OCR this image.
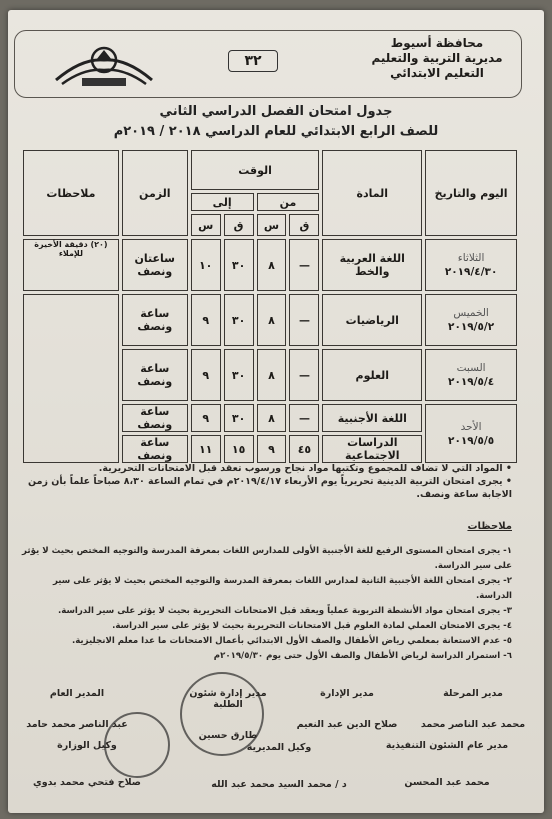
٣٢
محافظة أسيوط
مديرية التربية والتعليم
التعليم الابتدائي
جدول امتحان الفصل الدراسي الثاني
للصف الرابع الابتدائي للعام الدراسي ٢٠١٨ / ٢٠١٩م
اليوم والتاريخ	المادة	الوقت				الزمن	ملاحظات
		من		إلى			
		ق	س	ق	س		

الثلاثاء
٢٠١٩/٤/٣٠	اللغة العربية والخط	—	٨	٣٠	١٠	ساعتان ونصف	(٢٠) دقيقة الأخيرة للإملاء

الخميس
٢٠١٩/٥/٢	الرياضيات	—	٨	٣٠	٩	ساعة ونصف	

السبت
٢٠١٩/٥/٤	العلوم	—	٨	٣٠	٩	ساعة ونصف	

الأحد
٢٠١٩/٥/٥	اللغة الأجنبية	—	٨	٣٠	٩	ساعة ونصف	
	الدراسات الاجتماعية	٤٥	٩	١٥	١١	ساعة ونصف	
• المواد التي لا تضاف للمجموع وتكتبها مواد نجاح ورسوب تعقد قبل الامتحانات التحريرية.
• يجرى امتحان التربية الدينية تحريرياً يوم الأربعاء ٢٠١٩/٤/١٧م في تمام الساعة ٨،٣٠ صباحاً علماً بأن زمن الاجابة ساعة ونصف.
ملاحظات
١- يجرى امتحان المستوى الرفيع للغة الأجنبية الأولى للمدارس اللغات بمعرفة المدرسة والتوجيه المختص بحيث لا يؤثر على سير الدراسة.
٢- يجرى امتحان اللغة الأجنبية الثانية لمدارس اللغات بمعرفة المدرسة والتوجيه المختص بحيث لا يؤثر على سير الدراسة.
٣- يجرى امتحان مواد الأنشطة التربوية عملياً ويعقد قبل الامتحانات التحريرية بحيث لا يؤثر على سير الدراسة.
٤- يجرى الامتحان العملي لمادة العلوم قبل الامتحانات التحريرية بحيث لا يؤثر على سير الدراسة.
٥- عدم الاستعانة بمعلمي رياض الأطفال والصف الأول الابتدائي بأعمال الامتحانات ما عدا معلم الانجليزية.
٦- استمرار الدراسة لرياض الأطفال والصف الأول حتى يوم ٢٠١٩/٥/٣٠م
المدير العام
عبد الناصر محمد حامد
مدير إدارة شئون الطلبة
طارق حسين
مدير الإدارة
صلاح الدين عبد النعيم
مدير المرحلة
محمد عبد الناصر محمد
وكيل الوزارة
صلاح فتحي محمد بدوي
وكيل المديرية
د / محمد السيد محمد عبد الله
مدير عام الشئون التنفيذية
محمد عبد المحسن
